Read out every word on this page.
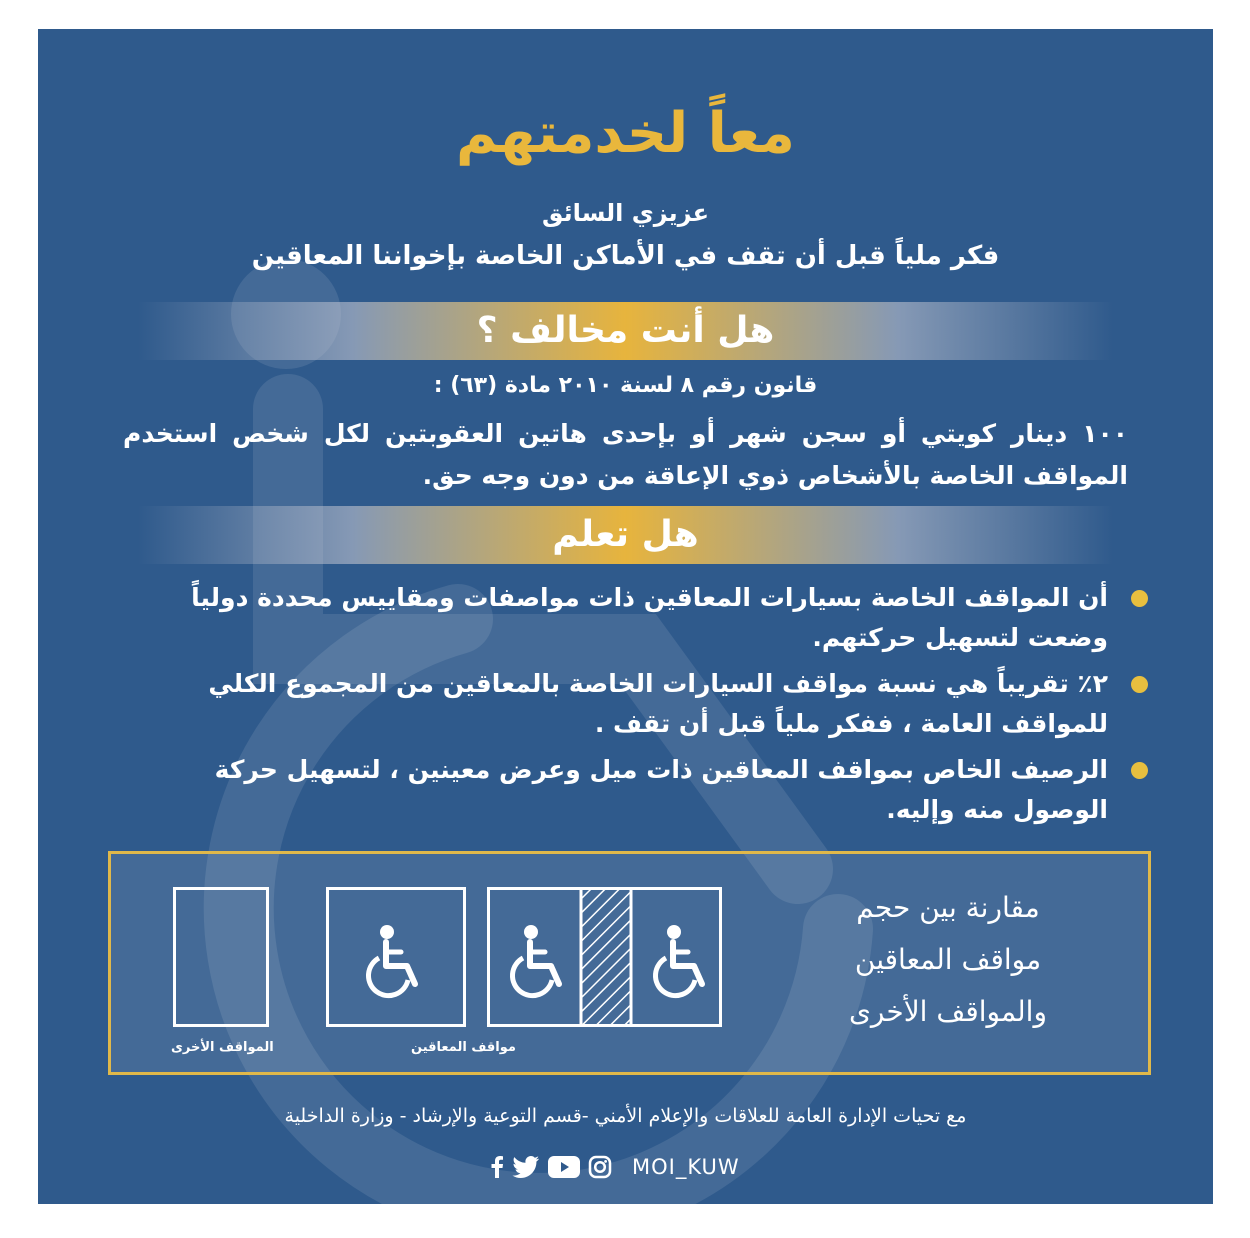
معاً لخدمتهم
عزيزي السائق
فكر ملياً قبل أن تقف في الأماكن الخاصة بإخواننا المعاقين
هل أنت مخالف ؟
قانون رقم ٨ لسنة ٢٠١٠ مادة (٦٣) :
١٠٠ دينار كويتي أو سجن شهر أو بإحدى هاتين العقوبتين لكل شخص استخدم المواقف الخاصة بالأشخاص ذوي الإعاقة من دون وجه حق.
هل تعلم
أن المواقف الخاصة بسيارات المعاقين ذات مواصفات ومقاييس محددة دولياً وضعت لتسهيل حركتهم.
٢٪ تقريباً هي نسبة مواقف السيارات الخاصة بالمعاقين من المجموع الكلي للمواقف العامة ، ففكر ملياً قبل أن تقف .
الرصيف الخاص بمواقف المعاقين ذات ميل وعرض معينين ، لتسهيل حركة الوصول منه وإليه.
مقارنة بين حجم
مواقف المعاقين
والمواقف الأخرى
مواقف المعاقين
المواقف الأخرى
مع تحيات الإدارة العامة للعلاقات والإعلام الأمني -قسم التوعية والإرشاد - وزارة الداخلية
MOI_KUW
